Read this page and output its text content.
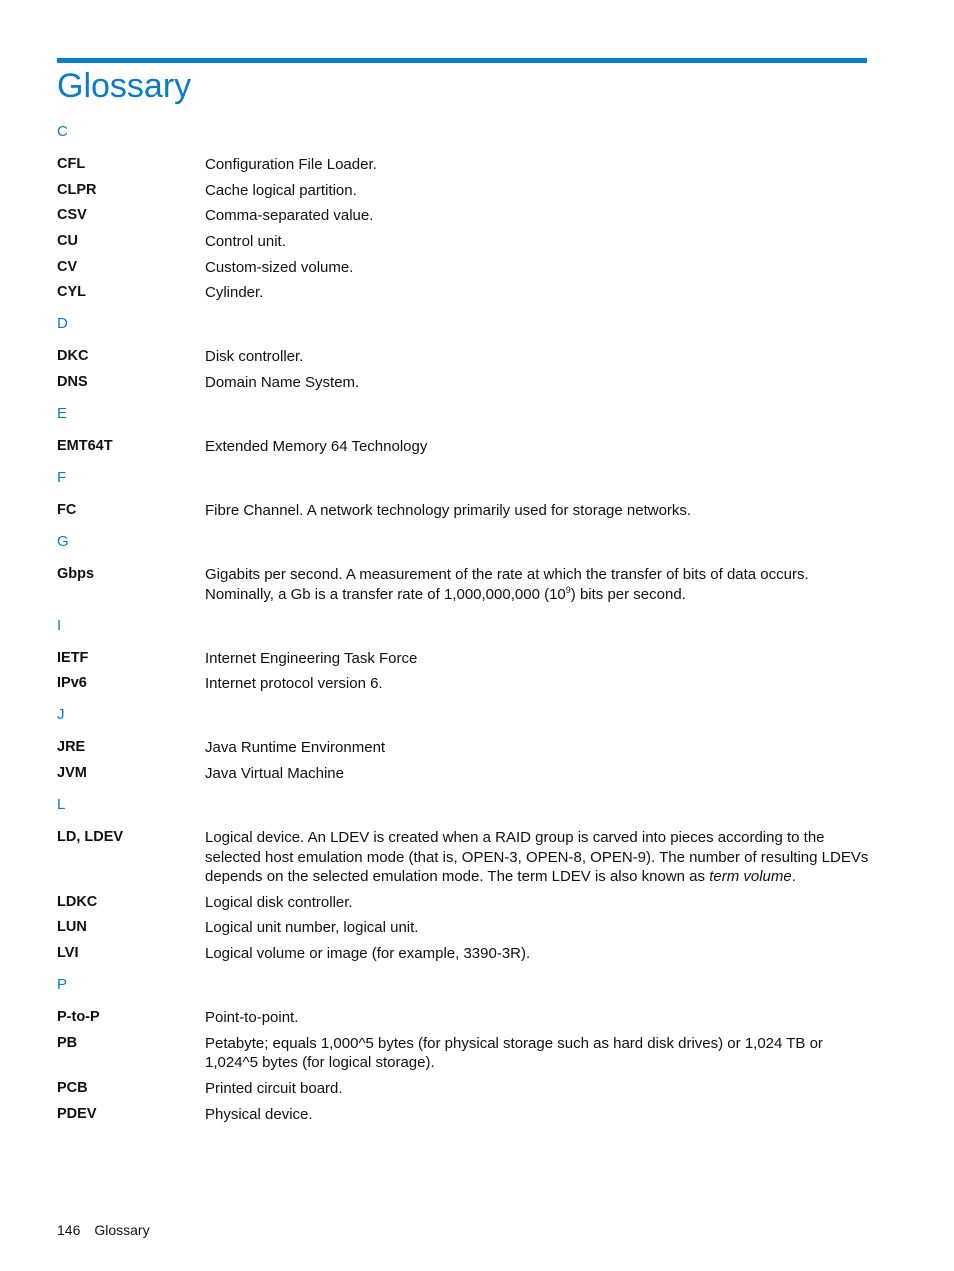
Glossary
C
CFL	Configuration File Loader.
CLPR	Cache logical partition.
CSV	Comma-separated value.
CU	Control unit.
CV	Custom-sized volume.
CYL	Cylinder.
D
DKC	Disk controller.
DNS	Domain Name System.
E
EMT64T	Extended Memory 64 Technology
F
FC	Fibre Channel. A network technology primarily used for storage networks.
G
Gbps	Gigabits per second. A measurement of the rate at which the transfer of bits of data occurs. Nominally, a Gb is a transfer rate of 1,000,000,000 $(10^9)$ bits per second.
I
IETF	Internet Engineering Task Force
IPv6	Internet protocol version 6.
J
JRE	Java Runtime Environment
JVM	Java Virtual Machine
L
LD, LDEV	Logical device. An LDEV is created when a RAID group is carved into pieces according to the selected host emulation mode (that is, OPEN-3, OPEN-8, OPEN-9). The number of resulting LDEVs depends on the selected emulation mode. The term LDEV is also known as term volume.
LDKC	Logical disk controller.
LUN	Logical unit number, logical unit.
LVI	Logical volume or image (for example, 3390-3R).
P
P-to-P	Point-to-point.
PB	Petabyte; equals 1,000^5 bytes (for physical storage such as hard disk drives) or 1,024 TB or 1,024^5 bytes (for logical storage).
PCB	Printed circuit board.
PDEV	Physical device.
146 Glossary
